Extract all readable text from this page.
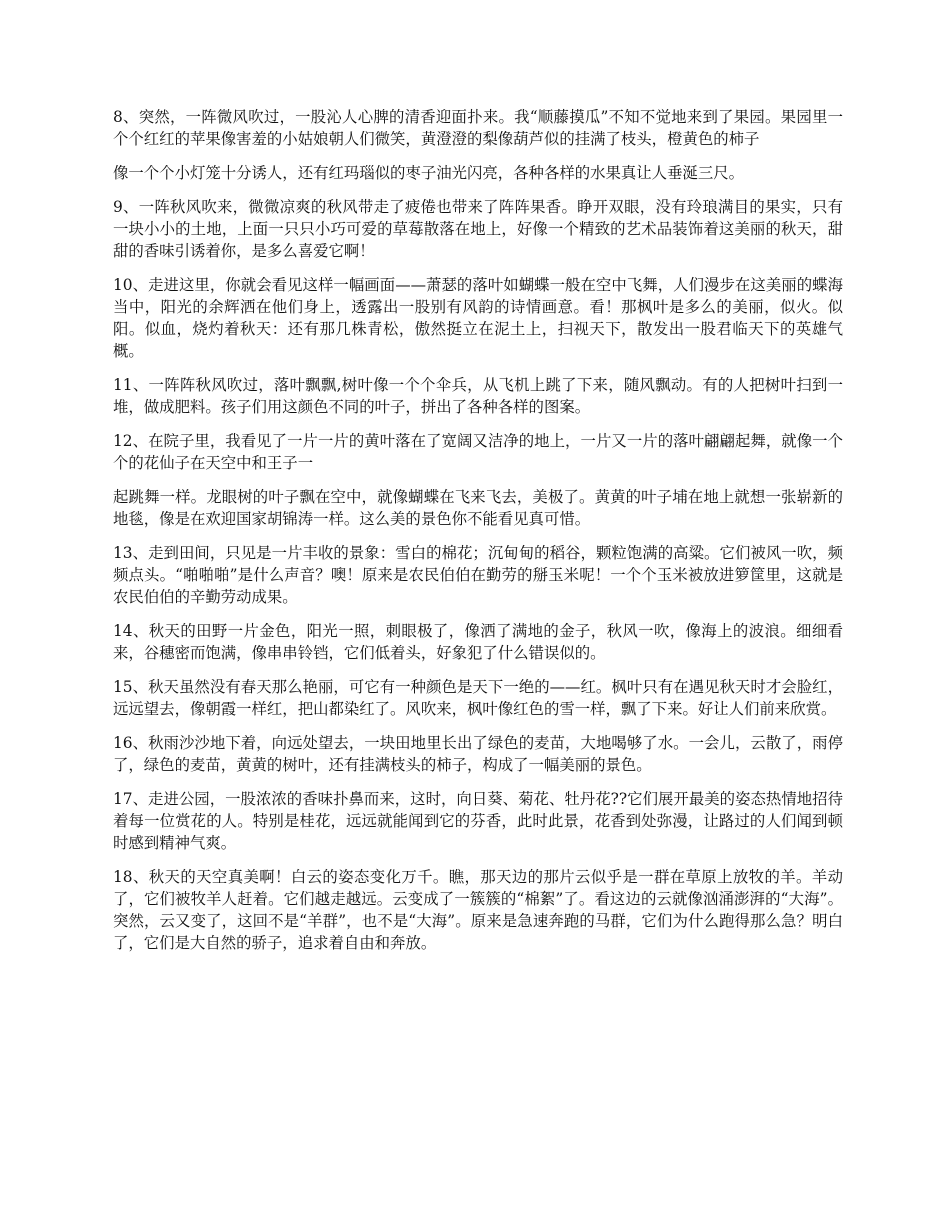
8、突然，一阵微风吹过，一股沁人心脾的清香迎面扑来。我“顺藤摸瓜”不知不觉地来到了果园。果园里一个个红红的苹果像害羞的小姑娘朝人们微笑，黄澄澄的梨像葫芦似的挂满了枝头，橙黄色的柿子

像一个个小灯笼十分诱人，还有红玛瑙似的枣子油光闪亮，各种各样的水果真让人垂涎三尺。

9、一阵秋风吹来，微微凉爽的秋风带走了疲倦也带来了阵阵果香。睁开双眼，没有玲琅满目的果实，只有一块小小的土地，上面一只只小巧可爱的草莓散落在地上，好像一个精致的艺术品装饰着这美丽的秋天，甜甜的香味引诱着你，是多么喜爱它啊！

10、走进这里，你就会看见这样一幅画面——萧瑟的落叶如蝴蝶一般在空中飞舞，人们漫步在这美丽的蝶海当中，阳光的余辉洒在他们身上，透露出一股别有风韵的诗情画意。看！那枫叶是多么的美丽，似火。似阳。似血，烧灼着秋天：还有那几株青松，傲然挺立在泥土上，扫视天下，散发出一股君临天下的英雄气概。

11、一阵阵秋风吹过，落叶飘飘,树叶像一个个伞兵，从飞机上跳了下来，随风飘动。有的人把树叶扫到一堆，做成肥料。孩子们用这颜色不同的叶子，拼出了各种各样的图案。

12、在院子里，我看见了一片一片的黄叶落在了宽阔又洁净的地上，一片又一片的落叶翩翩起舞，就像一个个的花仙子在天空中和王子一

起跳舞一样。龙眼树的叶子飘在空中，就像蝴蝶在飞来飞去，美极了。黄黄的叶子埔在地上就想一张崭新的地毯，像是在欢迎国家胡锦涛一样。这么美的景色你不能看见真可惜。

13、走到田间，只见是一片丰收的景象：雪白的棉花；沉甸甸的稻谷，颗粒饱满的高粱。它们被风一吹，频频点头。“啪啪啪”是什么声音？噢！原来是农民伯伯在勤劳的掰玉米呢！一个个玉米被放进箩筐里，这就是农民伯伯的辛勤劳动成果。

14、秋天的田野一片金色，阳光一照，刺眼极了，像洒了满地的金子，秋风一吹，像海上的波浪。细细看来，谷穗密而饱满，像串串铃铛，它们低着头，好象犯了什么错误似的。

15、秋天虽然没有春天那么艳丽，可它有一种颜色是天下一绝的——红。枫叶只有在遇见秋天时才会脸红，远远望去，像朝霞一样红，把山都染红了。风吹来，枫叶像红色的雪一样，飘了下来。好让人们前来欣赏。

16、秋雨沙沙地下着，向远处望去，一块田地里长出了绿色的麦苗，大地喝够了水。一会儿，云散了，雨停了，绿色的麦苗，黄黄的树叶，还有挂满枝头的柿子，构成了一幅美丽的景色。

17、走进公园，一股浓浓的香味扑鼻而来，这时，向日葵、菊花、牡丹花??它们展开最美的姿态热情地招待着每一位赏花的人。特别是桂花，远远就能闻到它的芬香，此时此景，花香到处弥漫，让路过的人们闻到顿时感到精神气爽。

18、秋天的天空真美啊！白云的姿态变化万千。瞧，那天边的那片云似乎是一群在草原上放牧的羊。羊动了，它们被牧羊人赶着。它们越走越远。云变成了一簇簇的“棉絮”了。看这边的云就像汹涌澎湃的“大海”。突然，云又变了，这回不是“羊群”，也不是“大海”。原来是急速奔跑的马群，它们为什么跑得那么急？明白了，它们是大自然的骄子，追求着自由和奔放。
